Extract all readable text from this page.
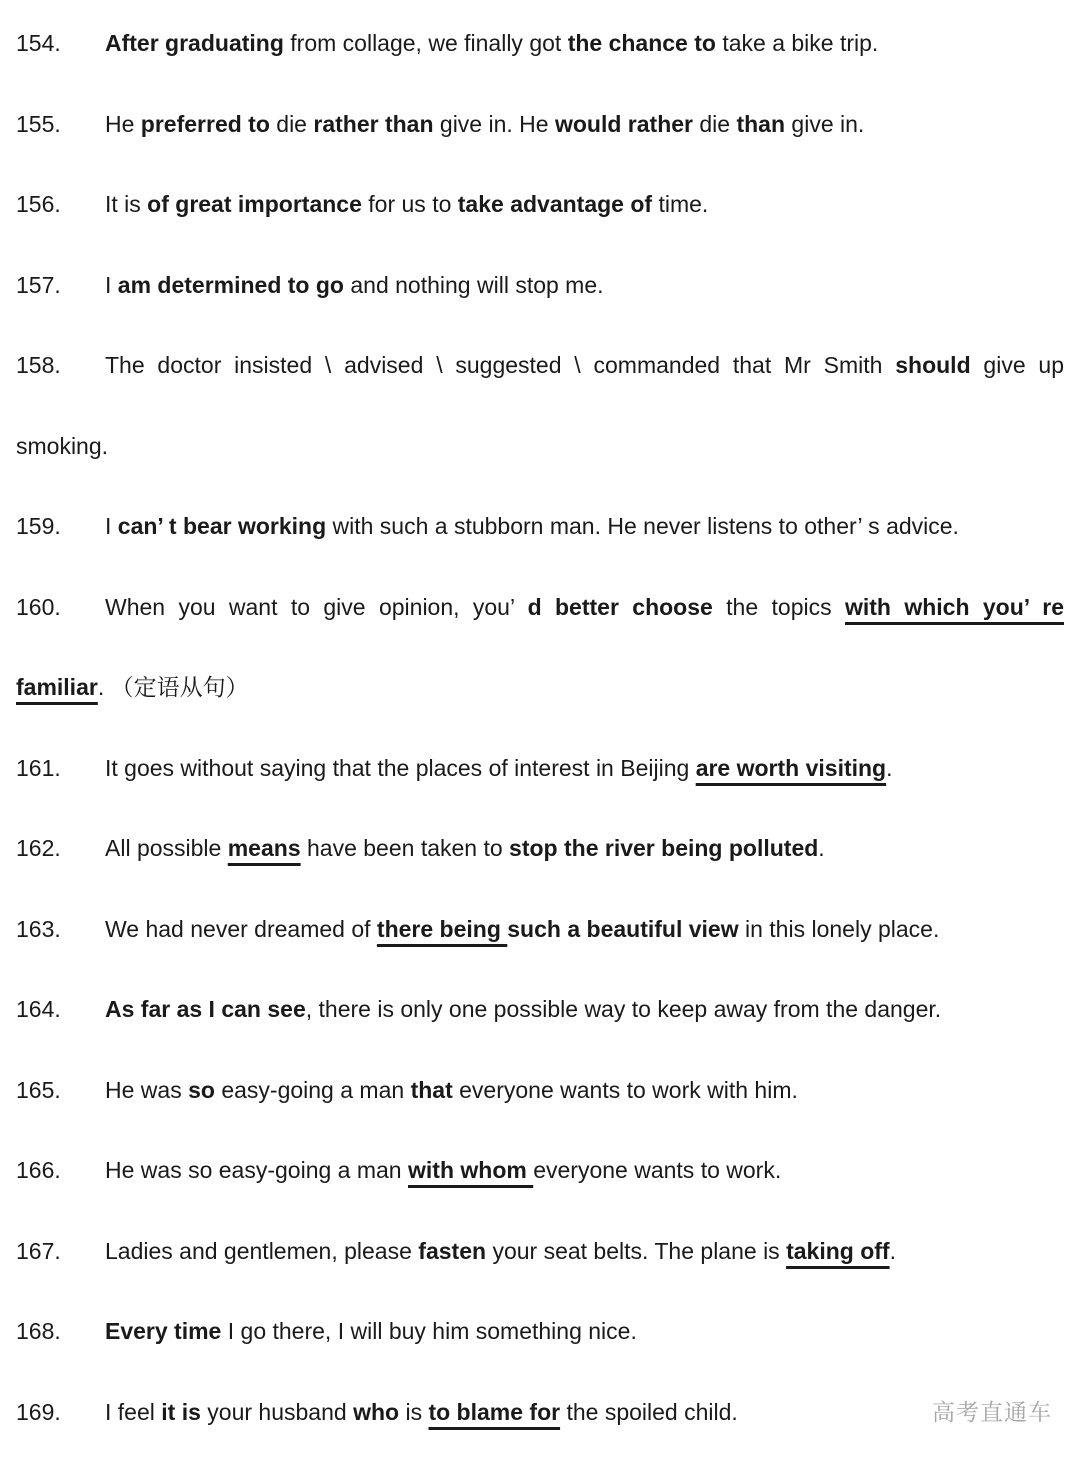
154. After graduating from collage, we finally got the chance to take a bike trip.
155. He preferred to die rather than give in. He would rather die than give in.
156. It is of great importance for us to take advantage of time.
157. I am determined to go and nothing will stop me.
158. The doctor insisted \ advised \ suggested \ commanded that Mr Smith should give up
smoking.
159. I can’ t bear working with such a stubborn man. He never listens to other’ s advice.
160. When you want to give opinion, you’ d better choose the topics with which you’ re
familiar. （定语从句）
161. It goes without saying that the places of interest in Beijing are worth visiting.
162. All possible means have been taken to stop the river being polluted.
163. We had never dreamed of there being such a beautiful view in this lonely place.
164. As far as I can see, there is only one possible way to keep away from the danger.
165. He was so easy-going a man that everyone wants to work with him.
166. He was so easy-going a man with whom everyone wants to work.
167. Ladies and gentlemen, please fasten your seat belts. The plane is taking off.
168. Every time I go there, I will buy him something nice.
169. I feel it is your husband who is to blame for the spoiled child.	高考直通车
